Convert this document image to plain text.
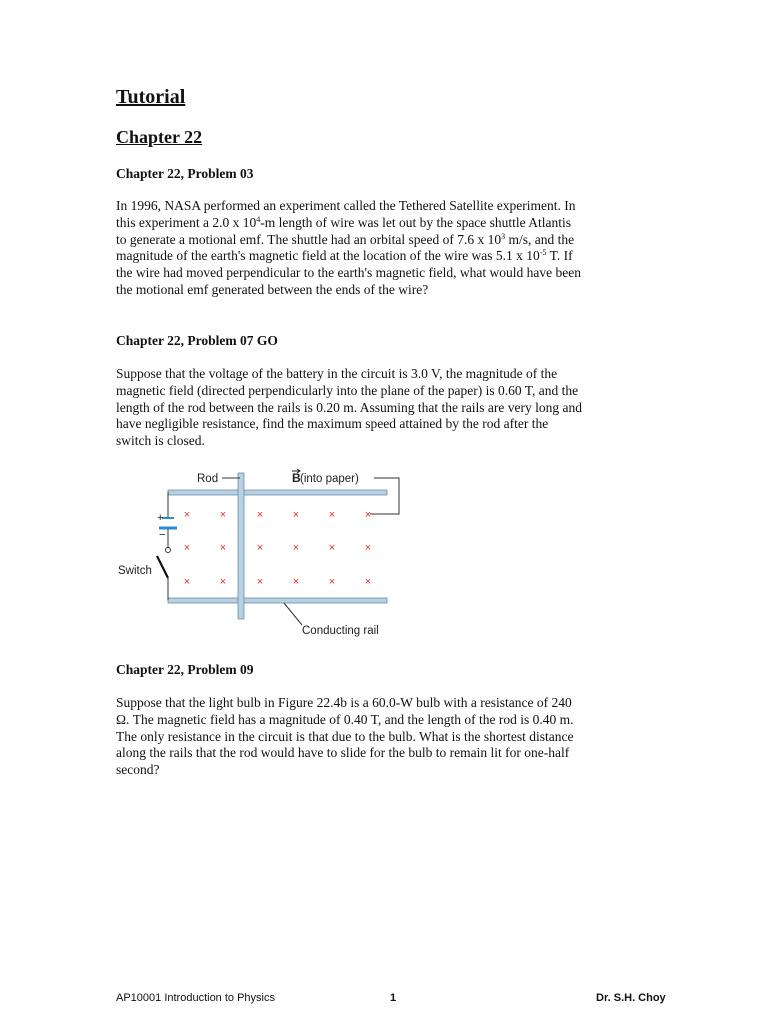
Tutorial
Chapter 22
Chapter 22, Problem 03
In 1996, NASA performed an experiment called the Tethered Satellite experiment. In
this experiment a 2.0 x $10^4-m$ length of wire was let out by the space shuttle Atlantis
to generate a motional emf. The shuttle had an orbital speed of 7.6 x $10^3$ m/s, and the
magnitude of the earth's magnetic field at the location of the wire was 5.1 x $10^{-5}$ T. If
the wire had moved perpendicular to the earth's magnetic field, what would have been
the motional emf generated between the ends of the wire?
Chapter 22, Problem 07 GO
Suppose that the voltage of the battery in the circuit is 3.0 V, the magnitude of the
magnetic field (directed perpendicularly into the plane of the paper) is 0.60 T, and the
length of the rod between the rails is 0.20 m. Assuming that the rails are very long and
have negligible resistance, find the maximum speed attained by the rod after the
switch is closed.
+
−
Switch
Rod	B (into paper)
Conducting rail
×	×	×	×	×	×
×	×	×	×	×	×
×	×	×	×	×	×
Chapter 22, Problem 09
Suppose that the light bulb in Figure 22.4b is a 60.0-W bulb with a resistance of 240
Ω. The magnetic field has a magnitude of 0.40 T, and the length of the rod is 0.40 m.
The only resistance in the circuit is that due to the bulb. What is the shortest distance
along the rails that the rod would have to slide for the bulb to remain lit for one-half
second?
AP10001 Introduction to Physics	1	Dr. S.H. Choy
